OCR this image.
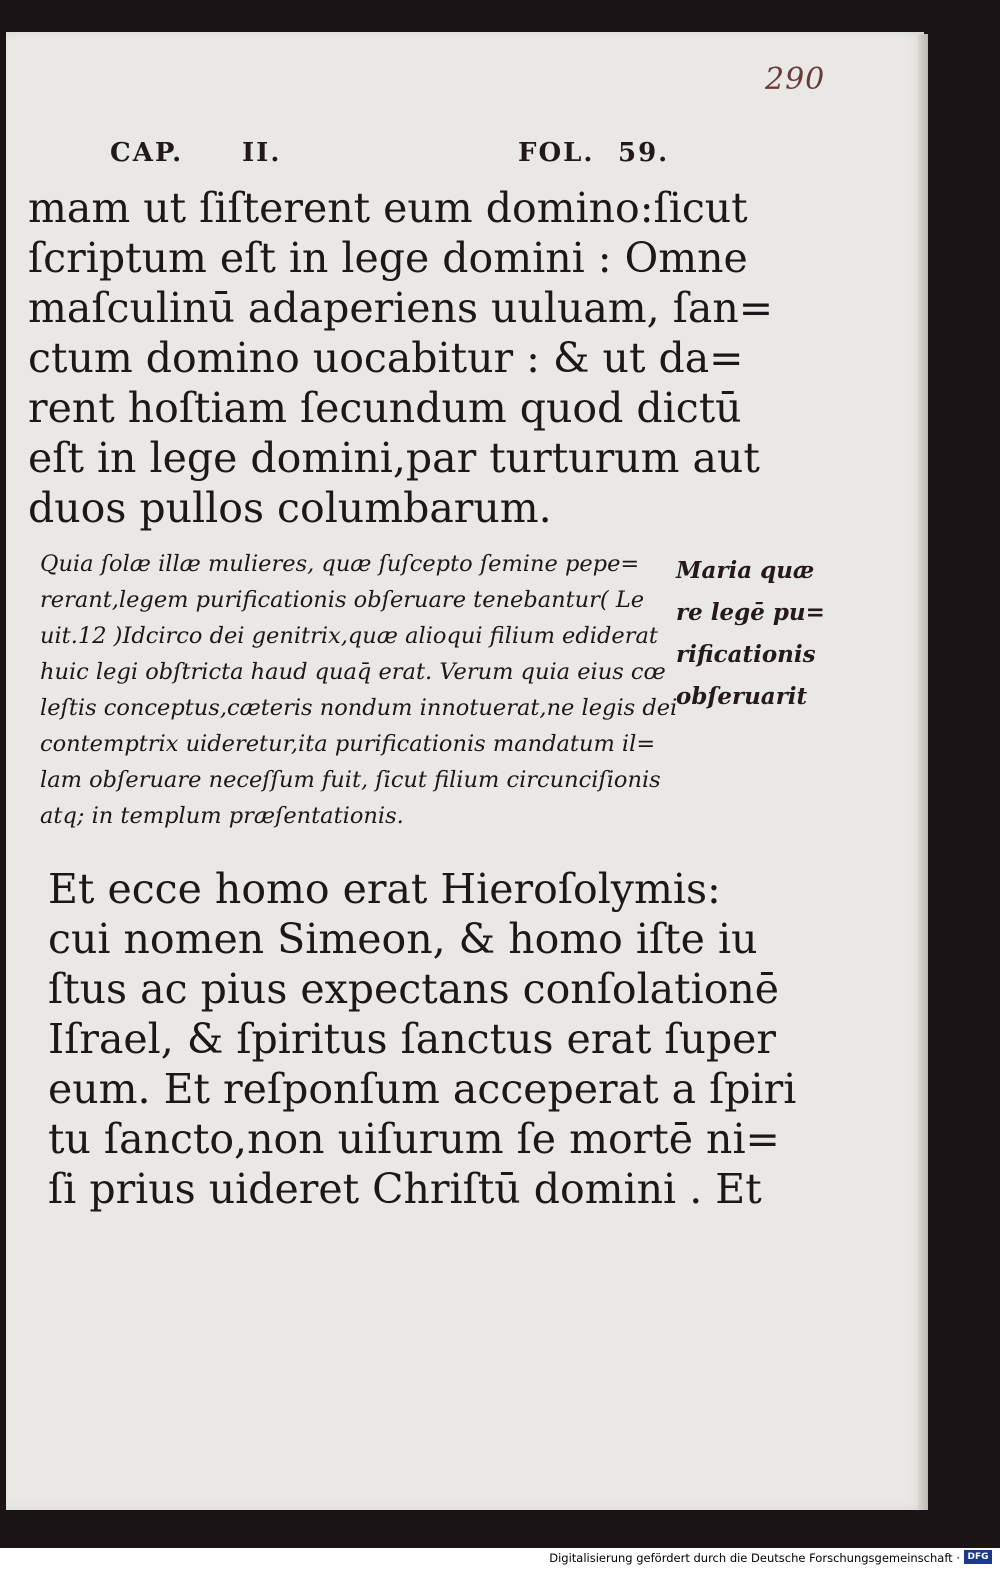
290
CAP. II.	FOL. 59.
mam ut ſiſterent eum domino:ſicut
ſcriptum eſt in lege domini : Omne
maſculinū adaperiens uuluam, ſan=
ctum domino uocabitur : & ut da=
rent hoſtiam ſecundum quod dictū
eſt in lege domini,par turturum aut
duos pullos columbarum.
Quia ſolæ illæ mulieres, quæ ſuſcepto ſemine pepe=
rerant,legem purificationis obſeruare tenebantur( Le
uit.12 )Idcirco dei genitrix,quæ alioqui filium ediderat
huic legi obſtricta haud quaq̄ erat. Verum quia eius cœ
leſtis conceptus,cæteris nondum innotuerat,ne legis dei
contemptrix uideretur,ita purificationis mandatum il=
lam obſeruare neceſſum fuit, ſicut filium circunciſionis
atq; in templum præſentationis.
Maria quæ
re legē pu=
rificationis
obſeruarit
Et ecce homo erat Hieroſolymis:
cui nomen Simeon, & homo iſte iu
ſtus ac pius expectans conſolationē
Iſrael, & ſpiritus ſanctus erat ſuper
eum. Et reſponſum acceperat a ſpiri
tu ſancto,non uiſurum ſe mortē ni=
ſi prius uideret Chriſtū domini . Et
Digitalisierung gefördert durch die Deutsche Forschungsgemeinschaft · DFG
